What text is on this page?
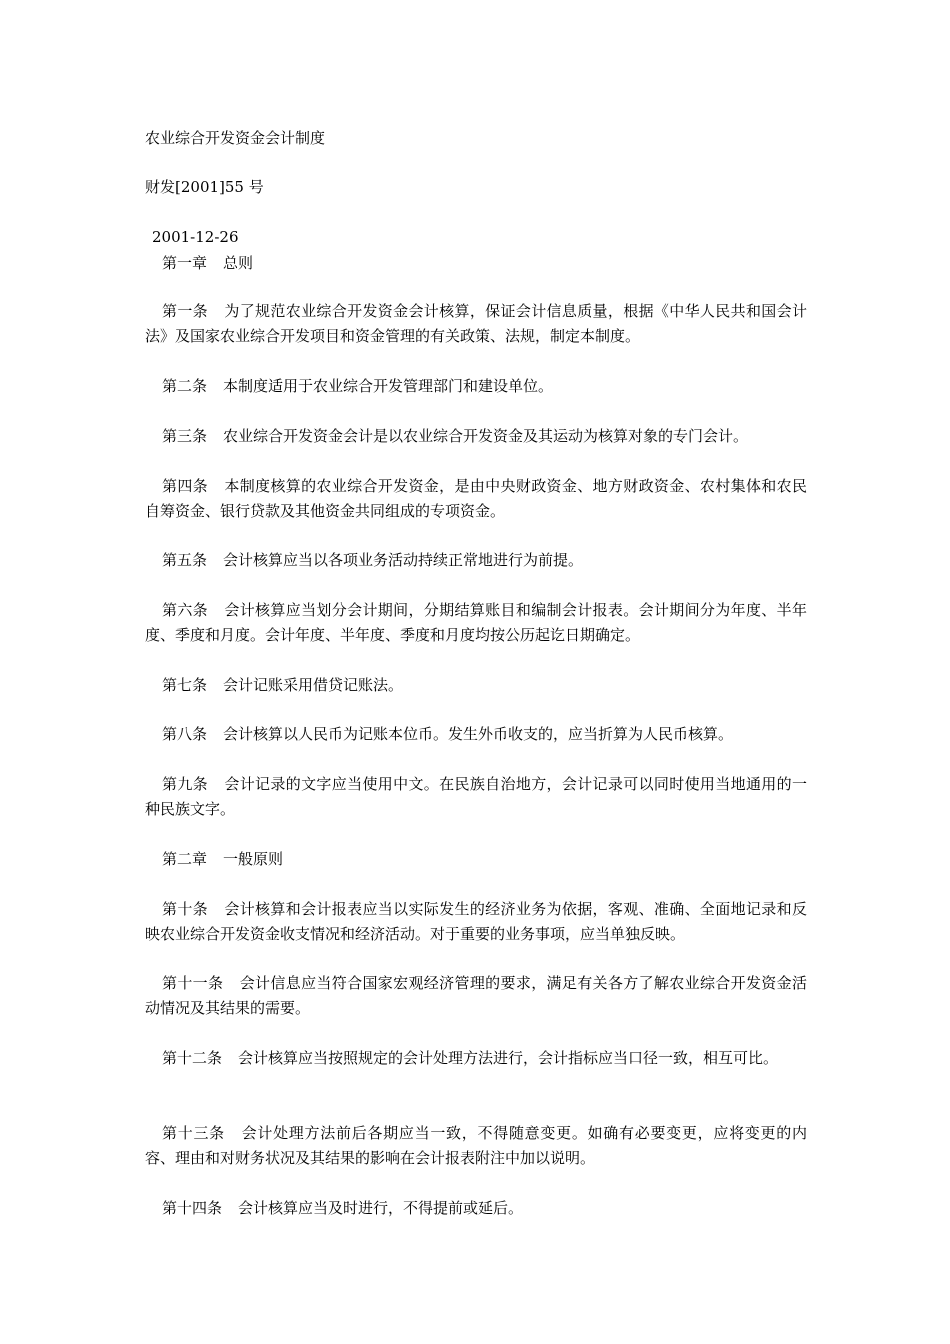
农业综合开发资金会计制度
财发[2001]55 号
2001-12-26
第一章 总则
第一条 为了规范农业综合开发资金会计核算，保证会计信息质量，根据《中华人民共和国会计法》及国家农业综合开发项目和资金管理的有关政策、法规，制定本制度。
第二条 本制度适用于农业综合开发管理部门和建设单位。
第三条 农业综合开发资金会计是以农业综合开发资金及其运动为核算对象的专门会计。
第四条 本制度核算的农业综合开发资金，是由中央财政资金、地方财政资金、农村集体和农民自筹资金、银行贷款及其他资金共同组成的专项资金。
第五条 会计核算应当以各项业务活动持续正常地进行为前提。
第六条 会计核算应当划分会计期间，分期结算账目和编制会计报表。会计期间分为年度、半年度、季度和月度。会计年度、半年度、季度和月度均按公历起讫日期确定。
第七条 会计记账采用借贷记账法。
第八条 会计核算以人民币为记账本位币。发生外币收支的，应当折算为人民币核算。
第九条 会计记录的文字应当使用中文。在民族自治地方，会计记录可以同时使用当地通用的一种民族文字。
第二章 一般原则
第十条 会计核算和会计报表应当以实际发生的经济业务为依据，客观、准确、全面地记录和反映农业综合开发资金收支情况和经济活动。对于重要的业务事项，应当单独反映。
第十一条 会计信息应当符合国家宏观经济管理的要求，满足有关各方了解农业综合开发资金活动情况及其结果的需要。
第十二条 会计核算应当按照规定的会计处理方法进行，会计指标应当口径一致，相互可比。
第十三条 会计处理方法前后各期应当一致，不得随意变更。如确有必要变更，应将变更的内容、理由和对财务状况及其结果的影响在会计报表附注中加以说明。
第十四条 会计核算应当及时进行，不得提前或延后。
